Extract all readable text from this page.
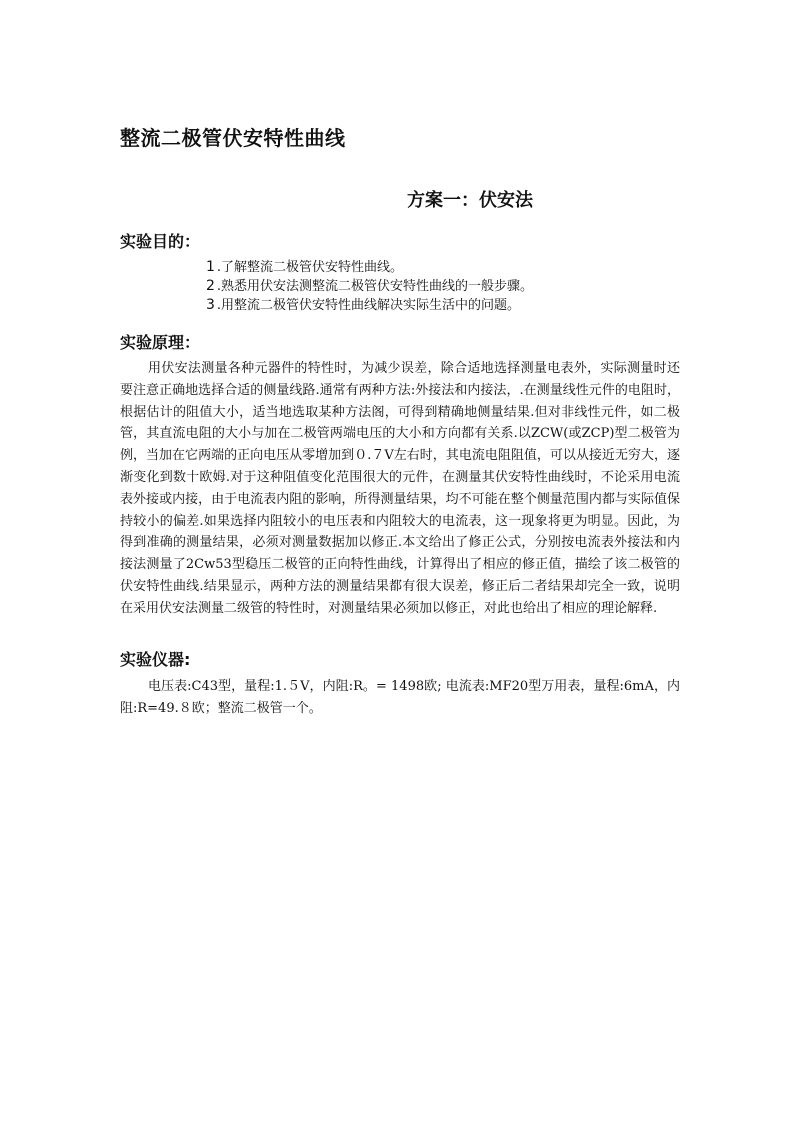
整流二极管伏安特性曲线
方案一：伏安法
实验目的：
1 .了解整流二极管伏安特性曲线。
2 .熟悉用伏安法测整流二极管伏安特性曲线的一般步骤。
3 .用整流二极管伏安特性曲线解决实际生活中的问题。
实验原理：

用伏安法测量各种元器件的特性时，为减少误差，除合适地选择测量电表外，实际测量时还要注意正确地选择合适的侧量线路.通常有两种方法:外接法和内接法，.在测量线性元件的电阻时，根据估计的阻值大小，适当地选取某种方法阁，可得到精确地侧量结果.但对非线性元件，如二极管，其直流电阻的大小与加在二极管两端电压的大小和方向都有关系.以ZCW(或ZCP)型二极管为例，当加在它两端的正向电压从零增加到０.７V左右时，其电流电阻阻值，可以从接近无穷大，逐渐变化到数十欧姆.对于这种阻值变化范围很大的元件，在测量其伏安特性曲线时，不论采用电流表外接或内接，由于电流表内阻的影响，所得测量结果，均不可能在整个侧量范围内都与实际值保持较小的偏差.如果选择内阻较小的电压表和内阻较大的电流表，这一现象将更为明显。因此，为得到准确的测量结果，必须对测量数据加以修正.本文给出了修正公式，分别按电流表外接法和内接法测量了2Cw53型稳压二极管的正向特性曲线，计算得出了相应的修正值，描绘了该二极管的伏安特性曲线.结果显示，两种方法的测量结果都有很大误差，修正后二者结果却完全一致，说明在采用伏安法测量二级管的特性时，对测量结果必须加以修正，对此也给出了相应的理论解释.

实验仪器:

电压表:C43型，量程:1.５V，内阻:R。= 1498欧; 电流表:MF20型万用表，量程:6mA，内阻:R=49.８欧；整流二极管一个。
